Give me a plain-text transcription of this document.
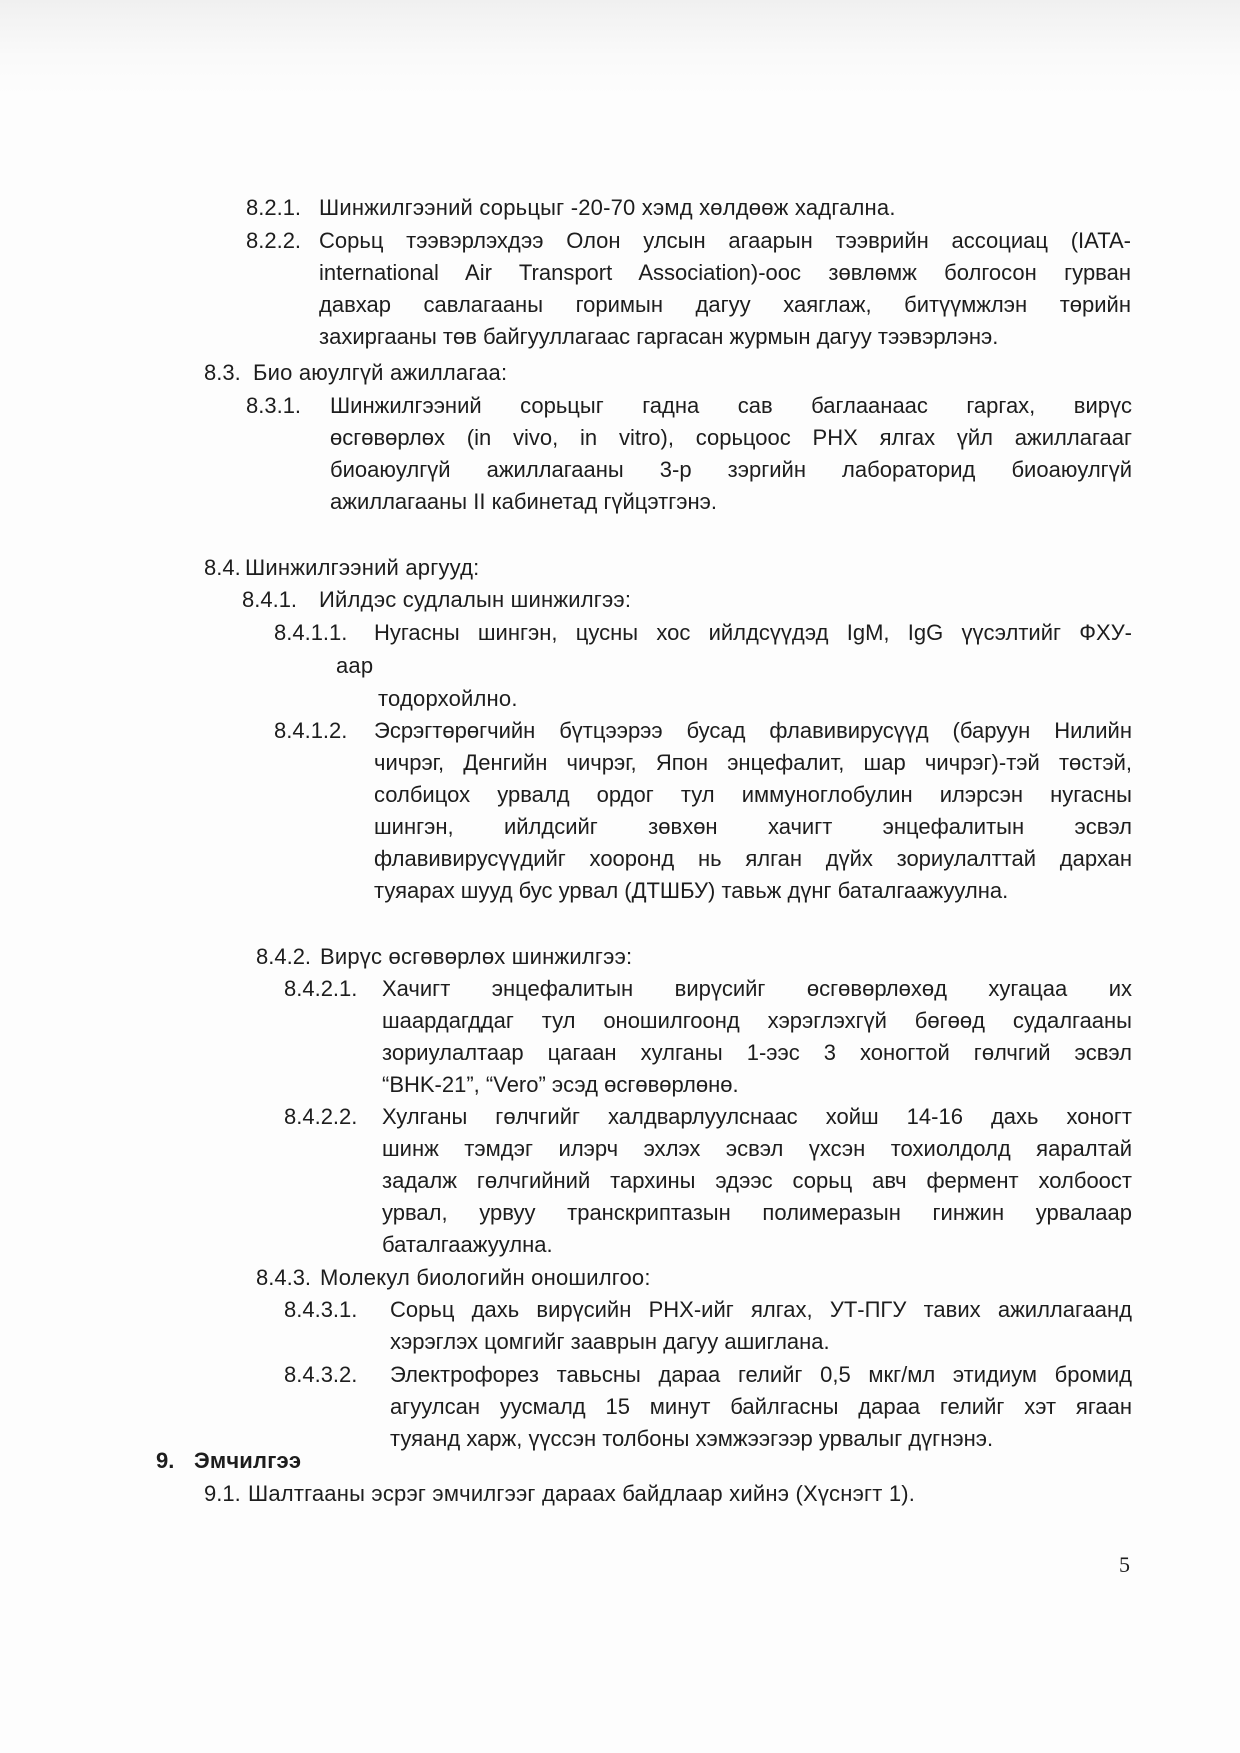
8.2.1. Шинжилгээний сорьцыг -20-70 хэмд хөлдөөж хадгална.
8.2.2. Сорьц тээвэрлэхдээ Олон улсын агаарын тээврийн ассоциац (IATA-
international Air Transport Association)-оос зөвлөмж болгосон гурван
давхар савлагааны горимын дагуу хаяглаж, битүүмжлэн төрийн
захиргааны төв байгууллагаас гаргасан журмын дагуу тээвэрлэнэ.
8.3. Био аюулгүй ажиллагаа:
8.3.1. Шинжилгээний сорьцыг гадна сав баглаанаас гаргах, вирүс
өсгөвөрлөх (in vivo, in vitro), сорьцоос РНХ ялгах үйл ажиллагааг
биоаюулгүй ажиллагааны 3-р зэргийн лабораторид биоаюулгүй
ажиллагааны II кабинетад гүйцэтгэнэ.
8.4. Шинжилгээний аргууд:
8.4.1. Ийлдэс судлалын шинжилгээ:
8.4.1.1. Нугасны шингэн, цусны хос ийлдсүүдэд IgM, IgG үүсэлтийг ФХУ-
аар
тодорхойлно.
8.4.1.2. Эсрэгтөрөгчийн бүтцээрээ бусад флавивирусүүд (баруун Нилийн
чичрэг, Денгийн чичрэг, Япон энцефалит, шар чичрэг)-тэй төстэй,
солбицох урвалд ордог тул иммуноглобулин илэрсэн нугасны
шингэн, ийлдсийг зөвхөн хачигт энцефалитын эсвэл
флавивирусүүдийг хооронд нь ялган дүйх зориулалттай дархан
туяарах шууд бус урвал (ДТШБУ) тавьж дүнг баталгаажуулна.
8.4.2. Вирүс өсгөвөрлөх шинжилгээ:
8.4.2.1. Хачигт энцефалитын вирүсийг өсгөвөрлөхөд хугацаа их
шаардагддаг тул оношилгоонд хэрэглэхгүй бөгөөд судалгааны
зориулалтаар цагаан хулганы 1-ээс 3 хоногтой гөлчгий эсвэл
“BHK-21”, “Vero” эсэд өсгөвөрлөнө.
8.4.2.2. Хулганы гөлчгийг халдварлуулснаас хойш 14-16 дахь хоногт
шинж тэмдэг илэрч эхлэх эсвэл үхсэн тохиолдолд яаралтай
задалж гөлчгийний тархины эдээс сорьц авч фермент холбоост
урвал, урвуу транскриптазын полимеразын гинжин урвалаар
баталгаажуулна.
8.4.3. Молекул биологийн оношилгоо:
8.4.3.1. Сорьц дахь вирүсийн РНХ-ийг ялгах, УТ-ПГУ тавих ажиллагаанд
хэрэглэх цомгийг зааврын дагуу ашиглана.
8.4.3.2. Электрофорез тавьсны дараа гелийг 0,5 мкг/мл этидиум бромид
агуулсан уусмалд 15 минут байлгасны дараа гелийг хэт ягаан
туяанд харж, үүссэн толбоны хэмжээгээр урвалыг дүгнэнэ.
9. Эмчилгээ
9.1. Шалтгааны эсрэг эмчилгээг дараах байдлаар хийнэ (Хүснэгт 1).
5
